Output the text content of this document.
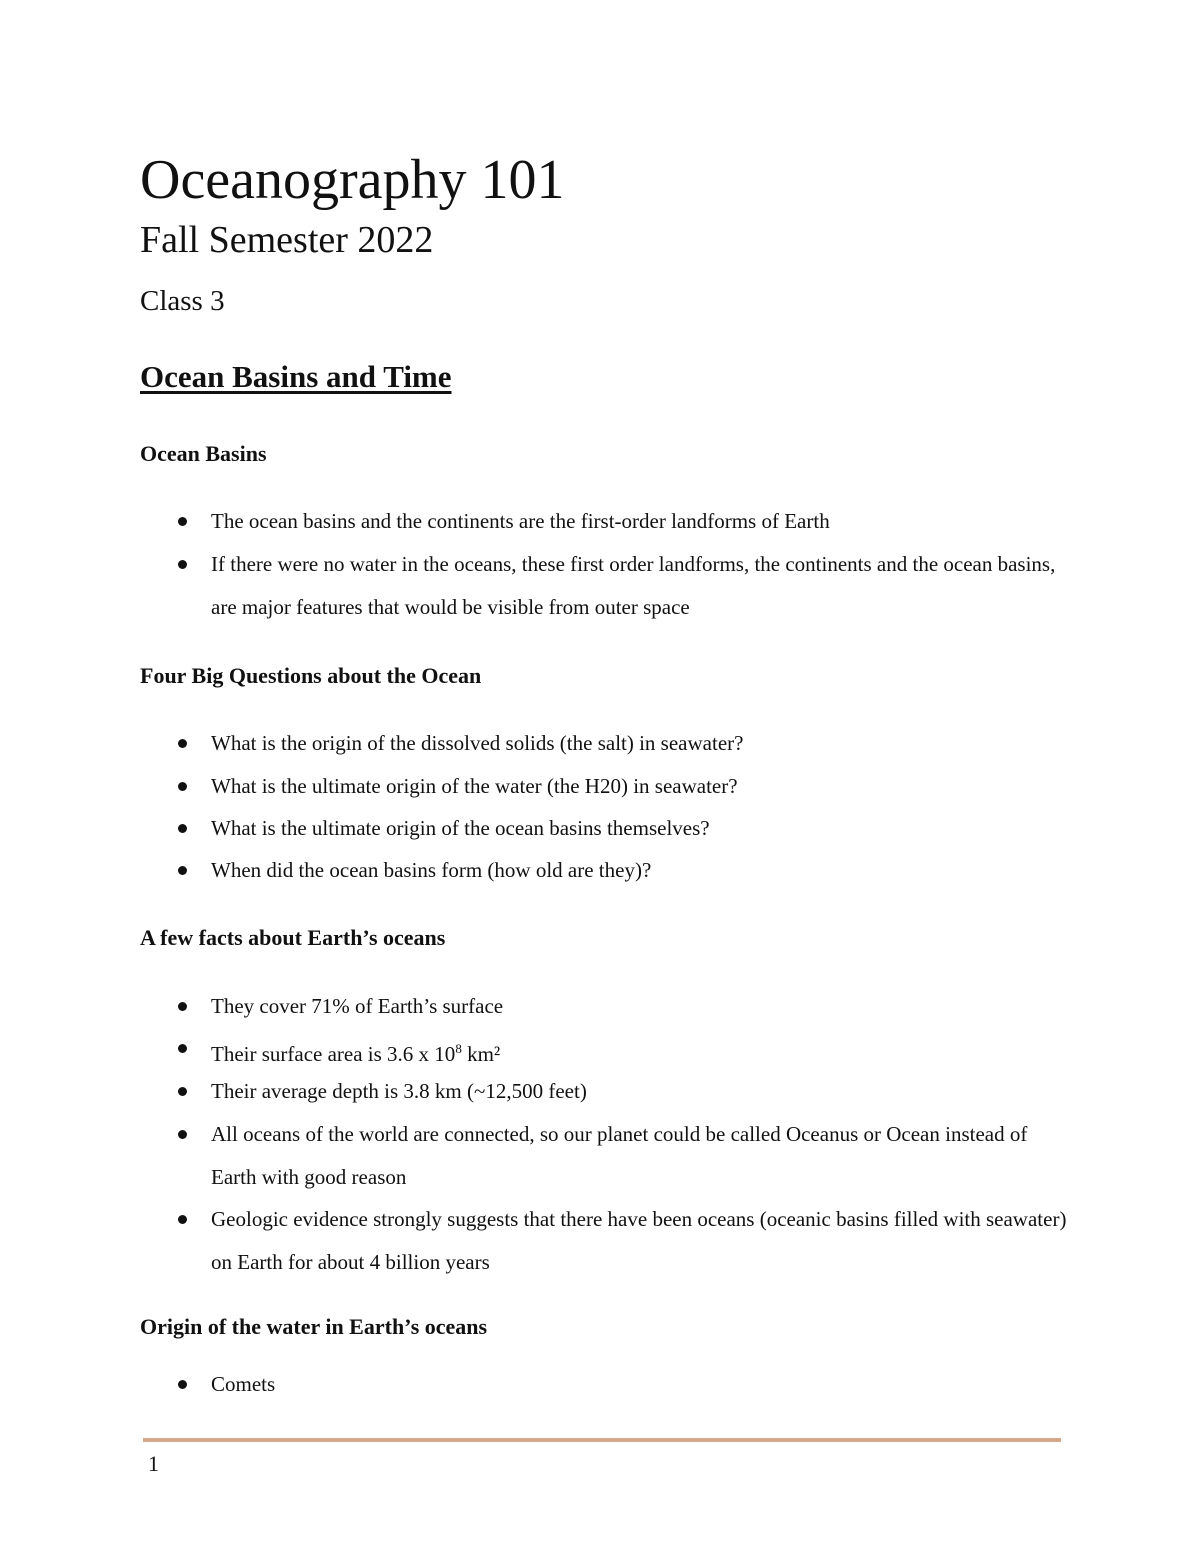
Oceanography 101
Fall Semester 2022
Class 3
Ocean Basins and Time
Ocean Basins
The ocean basins and the continents are the first-order landforms of Earth
If there were no water in the oceans, these first order landforms, the continents and the ocean basins, are major features that would be visible from outer space
Four Big Questions about the Ocean
What is the origin of the dissolved solids (the salt) in seawater?
What is the ultimate origin of the water (the H20) in seawater?
What is the ultimate origin of the ocean basins themselves?
When did the ocean basins form (how old are they)?
A few facts about Earth’s oceans
They cover 71% of Earth’s surface
Their surface area is 3.6 x $10^8$ km²
Their average depth is 3.8 km (~12,500 feet)
All oceans of the world are connected, so our planet could be called Oceanus or Ocean instead of Earth with good reason
Geologic evidence strongly suggests that there have been oceans (oceanic basins filled with seawater) on Earth for about 4 billion years
Origin of the water in Earth’s oceans
Comets
1
